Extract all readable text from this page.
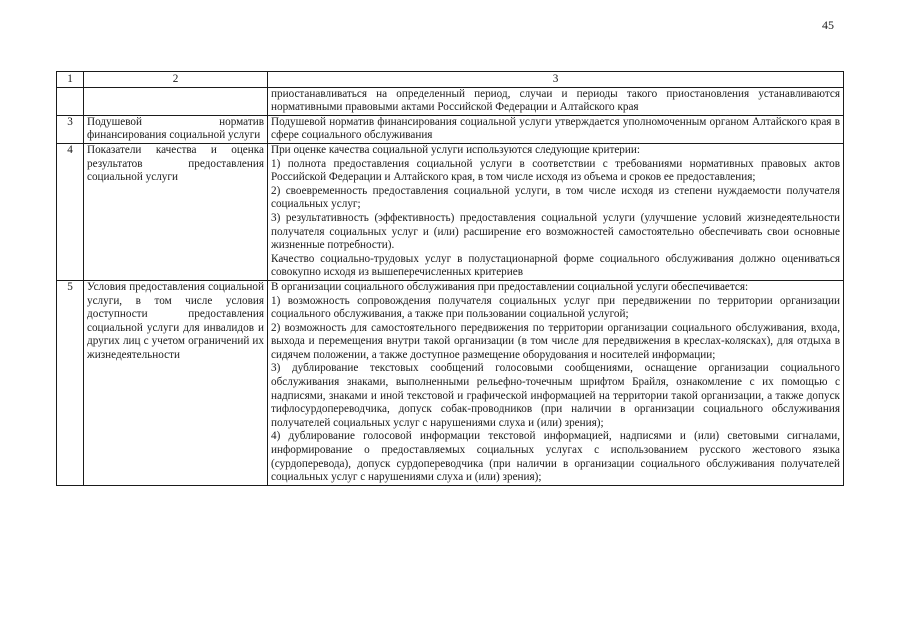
45
1	2	3

		приостанавливаться на определенный период, случаи и периоды такого приостановления устанавливаются нормативными правовыми актами Российской Федерации и Алтайского края

3	Подушевой норматив финансирования социальной услуги	Подушевой норматив финансирования социальной услуги утверждается уполномоченным органом Алтайского края в сфере социального обслуживания

4	Показатели качества и оценка результатов предоставления социальной услуги	При оценке качества социальной услуги используются следующие критерии:
1) полнота предоставления социальной услуги в соответствии с требованиями нормативных правовых актов Российской Федерации и Алтайского края, в том числе исходя из объема и сроков ее предоставления;
2) своевременность предоставления социальной услуги, в том числе исходя из степени нуждаемости получателя социальных услуг;
3) результативность (эффективность) предоставления социальной услуги (улучшение условий жизнедеятельности получателя социальных услуг и (или) расширение его возможностей самостоятельно обеспечивать свои основные жизненные потребности).
Качество социально-трудовых услуг в полустационарной форме социального обслуживания должно оцениваться совокупно исходя из вышеперечисленных критериев

5	Условия предоставления социальной услуги, в том числе условия доступности предоставления социальной услуги для инвалидов и других лиц с учетом ограничений их жизнедеятельности	В организации социального обслуживания при предоставлении социальной услуги обеспечивается:
1) возможность сопровождения получателя социальных услуг при передвижении по территории организации социального обслуживания, а также при пользовании социальной услугой;
2) возможность для самостоятельного передвижения по территории организации социального обслуживания, входа, выхода и перемещения внутри такой организации (в том числе для передвижения в креслах-колясках), для отдыха в сидячем положении, а также доступное размещение оборудования и носителей информации;
3) дублирование текстовых сообщений голосовыми сообщениями, оснащение организации социального обслуживания знаками, выполненными рельефно-точечным шрифтом Брайля, ознакомление с их помощью с надписями, знаками и иной текстовой и графической информацией на территории такой организации, а также допуск тифлосурдопереводчика, допуск собак-проводников (при наличии в организации социального обслуживания получателей социальных услуг с нарушениями слуха и (или) зрения);
4) дублирование голосовой информации текстовой информацией, надписями и (или) световыми сигналами, информирование о предоставляемых социальных услугах с использованием русского жестового языка (сурдоперевода), допуск сурдопереводчика (при наличии в организации социального обслуживания получателей социальных услуг с нарушениями слуха и (или) зрения);
